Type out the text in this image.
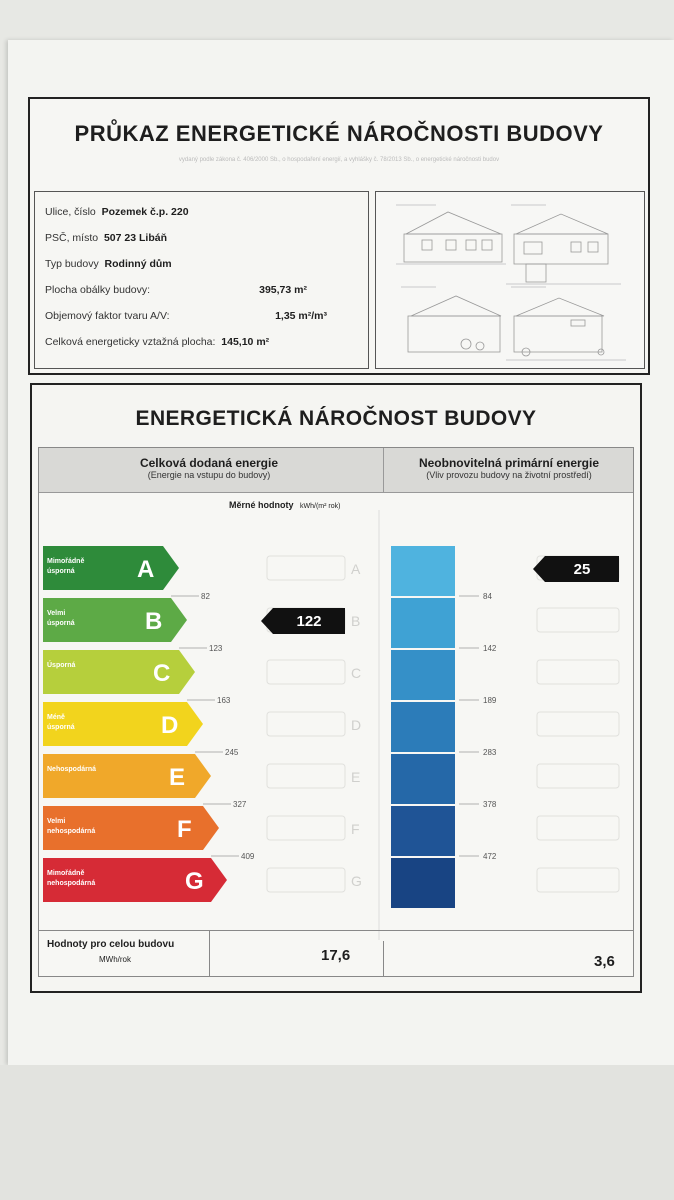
PRŮKAZ ENERGETICKÉ NÁROČNOSTI BUDOVY
vydaný podle zákona č. 406/2000 Sb., o hospodaření energií, a vyhlášky č. 78/2013 Sb., o energetické náročnosti budov
Ulice, číslo Pozemek č.p. 220
PSČ, místo 507 23 Libáň
Typ budovy Rodinný dům
Plocha obálky budovy:	395,73 m²
Objemový faktor tvaru A/V:	1,35 m²/m³
Celková energeticky vztažná plocha: 145,10 m²
ENERGETICKÁ NÁROČNOST BUDOVY
Celková dodaná energie
(Energie na vstupu do budovy)
Neobnovitelná primární energie
(Vliv provozu budovy na životní prostředí)
Měrné hodnoty kWh/(m² rok)
Mimořádně
úsporná	A	A
82	84
Velmi
úsporná	B	B
123	142
Úsporná	C	C
163	189
Méně
úsporná	D	D
245	283
Nehospodárná	E	E
327	378
Velmi
nehospodárná	F	F
409	472
Mimořádně
nehospodárná	G	G
122
25
Hodnoty pro celou budovu
MWh/rok	17,6	3,6
